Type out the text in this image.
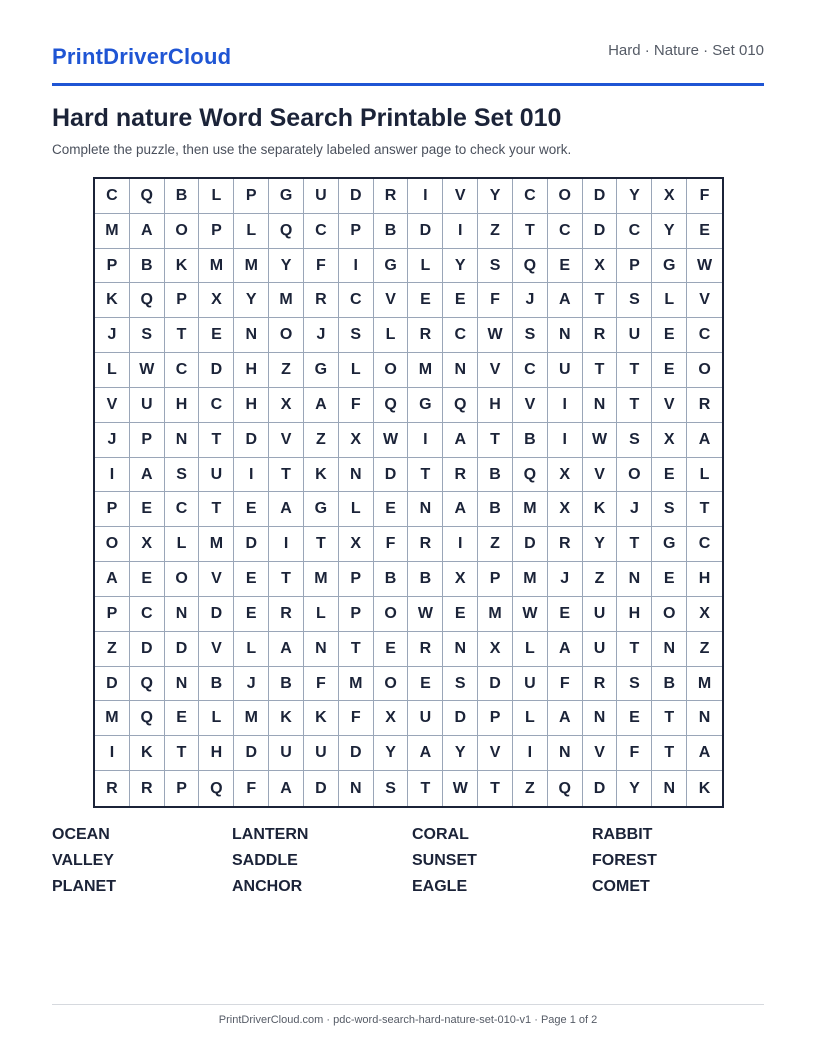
PrintDriverCloud	Hard · Nature · Set 010
Hard nature Word Search Printable Set 010

Complete the puzzle, then use the separately labeled answer page to check your work.

C	Q	B	L	P	G	U	D	R	I	V	Y	C	O	D	Y	X	F
M	A	O	P	L	Q	C	P	B	D	I	Z	T	C	D	C	Y	E
P	B	K	M	M	Y	F	I	G	L	Y	S	Q	E	X	P	G	W
K	Q	P	X	Y	M	R	C	V	E	E	F	J	A	T	S	L	V
J	S	T	E	N	O	J	S	L	R	C	W	S	N	R	U	E	C
L	W	C	D	H	Z	G	L	O	M	N	V	C	U	T	T	E	O
V	U	H	C	H	X	A	F	Q	G	Q	H	V	I	N	T	V	R
J	P	N	T	D	V	Z	X	W	I	A	T	B	I	W	S	X	A
I	A	S	U	I	T	K	N	D	T	R	B	Q	X	V	O	E	L
P	E	C	T	E	A	G	L	E	N	A	B	M	X	K	J	S	T
O	X	L	M	D	I	T	X	F	R	I	Z	D	R	Y	T	G	C
A	E	O	V	E	T	M	P	B	B	X	P	M	J	Z	N	E	H
P	C	N	D	E	R	L	P	O	W	E	M	W	E	U	H	O	X
Z	D	D	V	L	A	N	T	E	R	N	X	L	A	U	T	N	Z
D	Q	N	B	J	B	F	M	O	E	S	D	U	F	R	S	B	M
M	Q	E	L	M	K	K	F	X	U	D	P	L	A	N	E	T	N
I	K	T	H	D	U	U	D	Y	A	Y	V	I	N	V	F	T	A
R	R	P	Q	F	A	D	N	S	T	W	T	Z	Q	D	Y	N	K
OCEAN	LANTERN	CORAL	RABBIT
VALLEY	SADDLE	SUNSET	FOREST
PLANET	ANCHOR	EAGLE	COMET
PrintDriverCloud.com · pdc-word-search-hard-nature-set-010-v1 · Page 1 of 2
